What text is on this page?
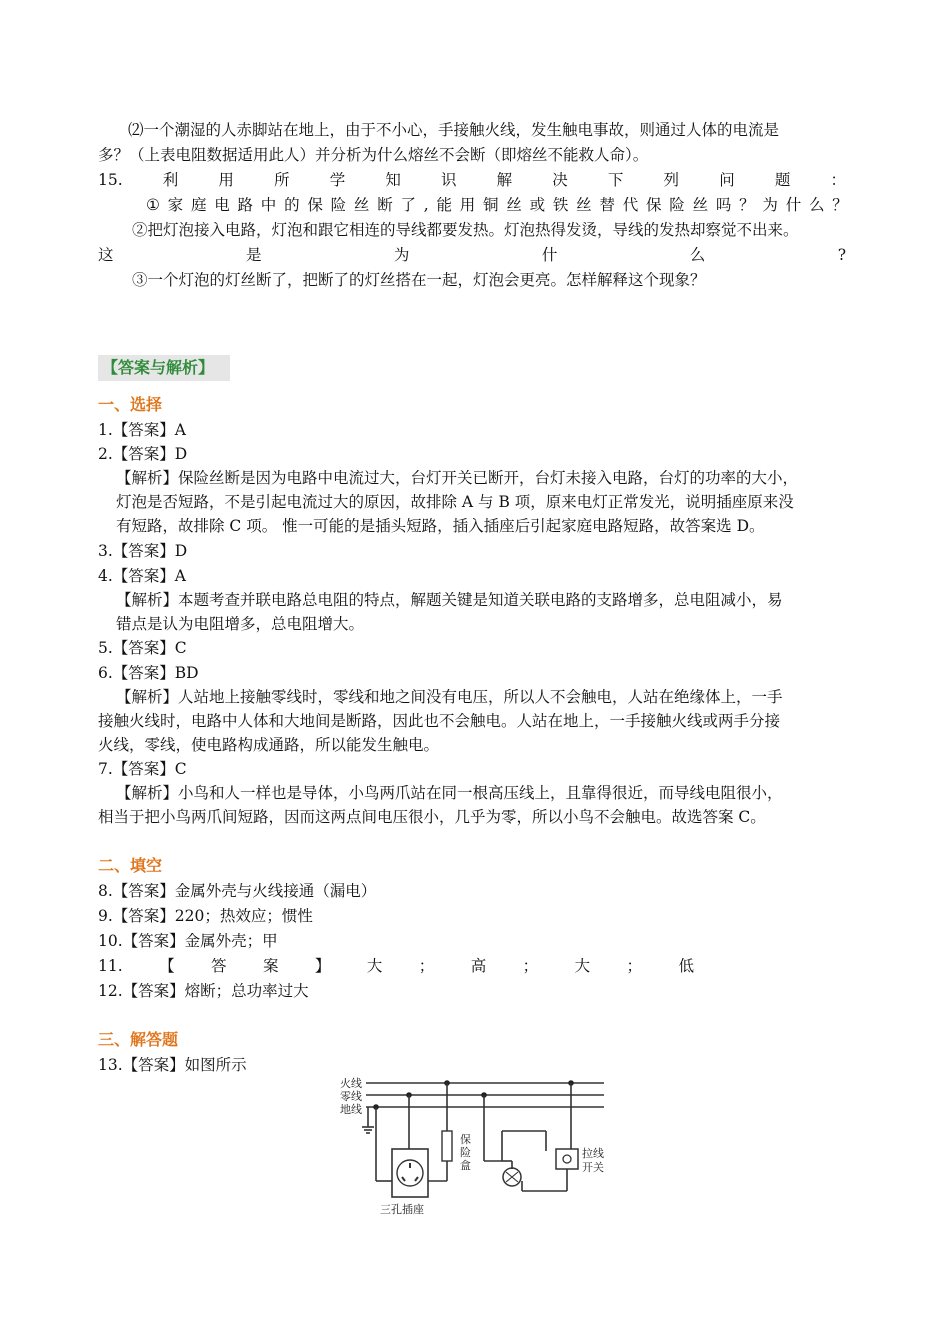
⑵一个潮湿的人赤脚站在地上，由于不小心，手接触火线，发生触电事故，则通过人体的电流是
多？（上表电阻数据适用此人）并分析为什么熔丝不会断（即熔丝不能救人命）。
15.	利	用	所	学	知	识	解	决	下	列	问	题	：
① 家 庭 电 路 中 的 保 险 丝 断 了 , 能 用 铜 丝 或 铁 丝 替 代 保 险 丝 吗 ？ 为 什 么 ？
②把灯泡接入电路，灯泡和跟它相连的导线都要发热。灯泡热得发烫，导线的发热却察觉不出来。
这	是	为	什	么	?
③一个灯泡的灯丝断了，把断了的灯丝搭在一起，灯泡会更亮。怎样解释这个现象？
【答案与解析】
一、选择
1.【答案】A
2.【答案】D
【解析】保险丝断是因为电路中电流过大，台灯开关已断开，台灯未接入电路，台灯的功率的大小，
灯泡是否短路，不是引起电流过大的原因，故排除 A 与 B 项，原来电灯正常发光，说明插座原来没
有短路，故排除 C 项。 惟一可能的是插头短路，插入插座后引起家庭电路短路，故答案选 D。
3.【答案】D
4.【答案】A
【解析】本题考查并联电路总电阻的特点，解题关键是知道关联电路的支路增多，总电阻减小，易
错点是认为电阻增多，总电阻增大。
5.【答案】C
6.【答案】BD
【解析】人站地上接触零线时，零线和地之间没有电压，所以人不会触电，人站在绝缘体上，一手
接触火线时，电路中人体和大地间是断路，因此也不会触电。人站在地上，一手接触火线或两手分接
火线，零线，使电路构成通路，所以能发生触电。
7.【答案】C
【解析】小鸟和人一样也是导体，小鸟两爪站在同一根高压线上，且靠得很近，而导线电阻很小，
相当于把小鸟两爪间短路，因而这两点间电压很小，几乎为零，所以小鸟不会触电。故选答案 C。
二、填空
8.【答案】金属外壳与火线接通（漏电）
9.【答案】220；热效应；惯性
10.【答案】金属外壳；甲
11. 【 答 案 】 大 ； 高 ； 大 ； 低
12.【答案】熔断；总功率过大
三、解答题
13.【答案】如图所示
火线
零线
地线
三孔插座
保
险
盒
拉线
开关
